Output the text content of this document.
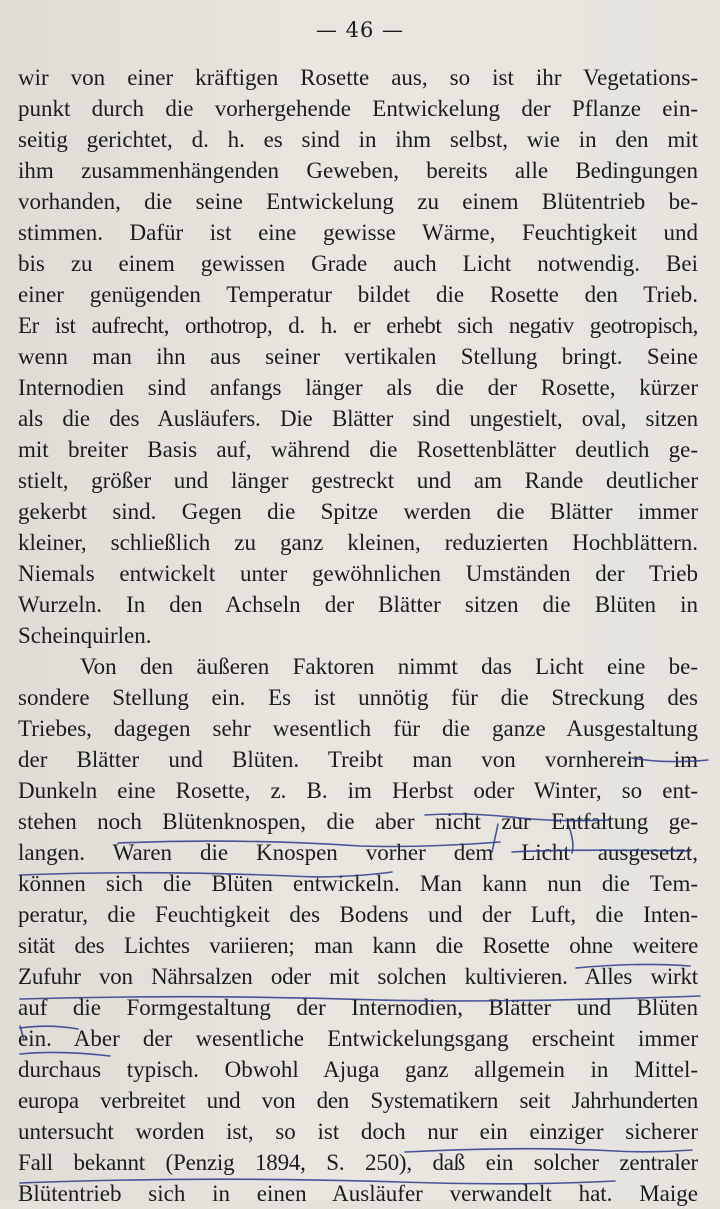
— 46 —
wir von einer kräftigen Rosette aus, so ist ihr Vegetations-
punkt durch die vorhergehende Entwickelung der Pflanze ein-
seitig gerichtet, d. h. es sind in ihm selbst, wie in den mit
ihm zusammenhängenden Geweben, bereits alle Bedingungen
vorhanden, die seine Entwickelung zu einem Blütentrieb be-
stimmen. Dafür ist eine gewisse Wärme, Feuchtigkeit und
bis zu einem gewissen Grade auch Licht notwendig. Bei
einer genügenden Temperatur bildet die Rosette den Trieb.
Er ist aufrecht, orthotrop, d. h. er erhebt sich negativ geotropisch,
wenn man ihn aus seiner vertikalen Stellung bringt. Seine
Internodien sind anfangs länger als die der Rosette, kürzer
als die des Ausläufers. Die Blätter sind ungestielt, oval, sitzen
mit breiter Basis auf, während die Rosettenblätter deutlich ge-
stielt, größer und länger gestreckt und am Rande deutlicher
gekerbt sind. Gegen die Spitze werden die Blätter immer
kleiner, schließlich zu ganz kleinen, reduzierten Hochblättern.
Niemals entwickelt unter gewöhnlichen Umständen der Trieb
Wurzeln. In den Achseln der Blätter sitzen die Blüten in
Scheinquirlen.
Von den äußeren Faktoren nimmt das Licht eine be-
sondere Stellung ein. Es ist unnötig für die Streckung des
Triebes, dagegen sehr wesentlich für die ganze Ausgestaltung
der Blätter und Blüten. Treibt man von vornherein im
Dunkeln eine Rosette, z. B. im Herbst oder Winter, so ent-
stehen noch Blütenknospen, die aber nicht zur Entfaltung ge-
langen. Waren die Knospen vorher dem Licht ausgesetzt,
können sich die Blüten entwickeln. Man kann nun die Tem-
peratur, die Feuchtigkeit des Bodens und der Luft, die Inten-
sität des Lichtes variieren; man kann die Rosette ohne weitere
Zufuhr von Nährsalzen oder mit solchen kultivieren. Alles wirkt
auf die Formgestaltung der Internodien, Blätter und Blüten
ein. Aber der wesentliche Entwickelungsgang erscheint immer
durchaus typisch. Obwohl Ajuga ganz allgemein in Mittel-
europa verbreitet und von den Systematikern seit Jahrhunderten
untersucht worden ist, so ist doch nur ein einziger sicherer
Fall bekannt (Penzig 1894, S. 250), daß ein solcher zentraler
Blütentrieb sich in einen Ausläufer verwandelt hat. Maige
